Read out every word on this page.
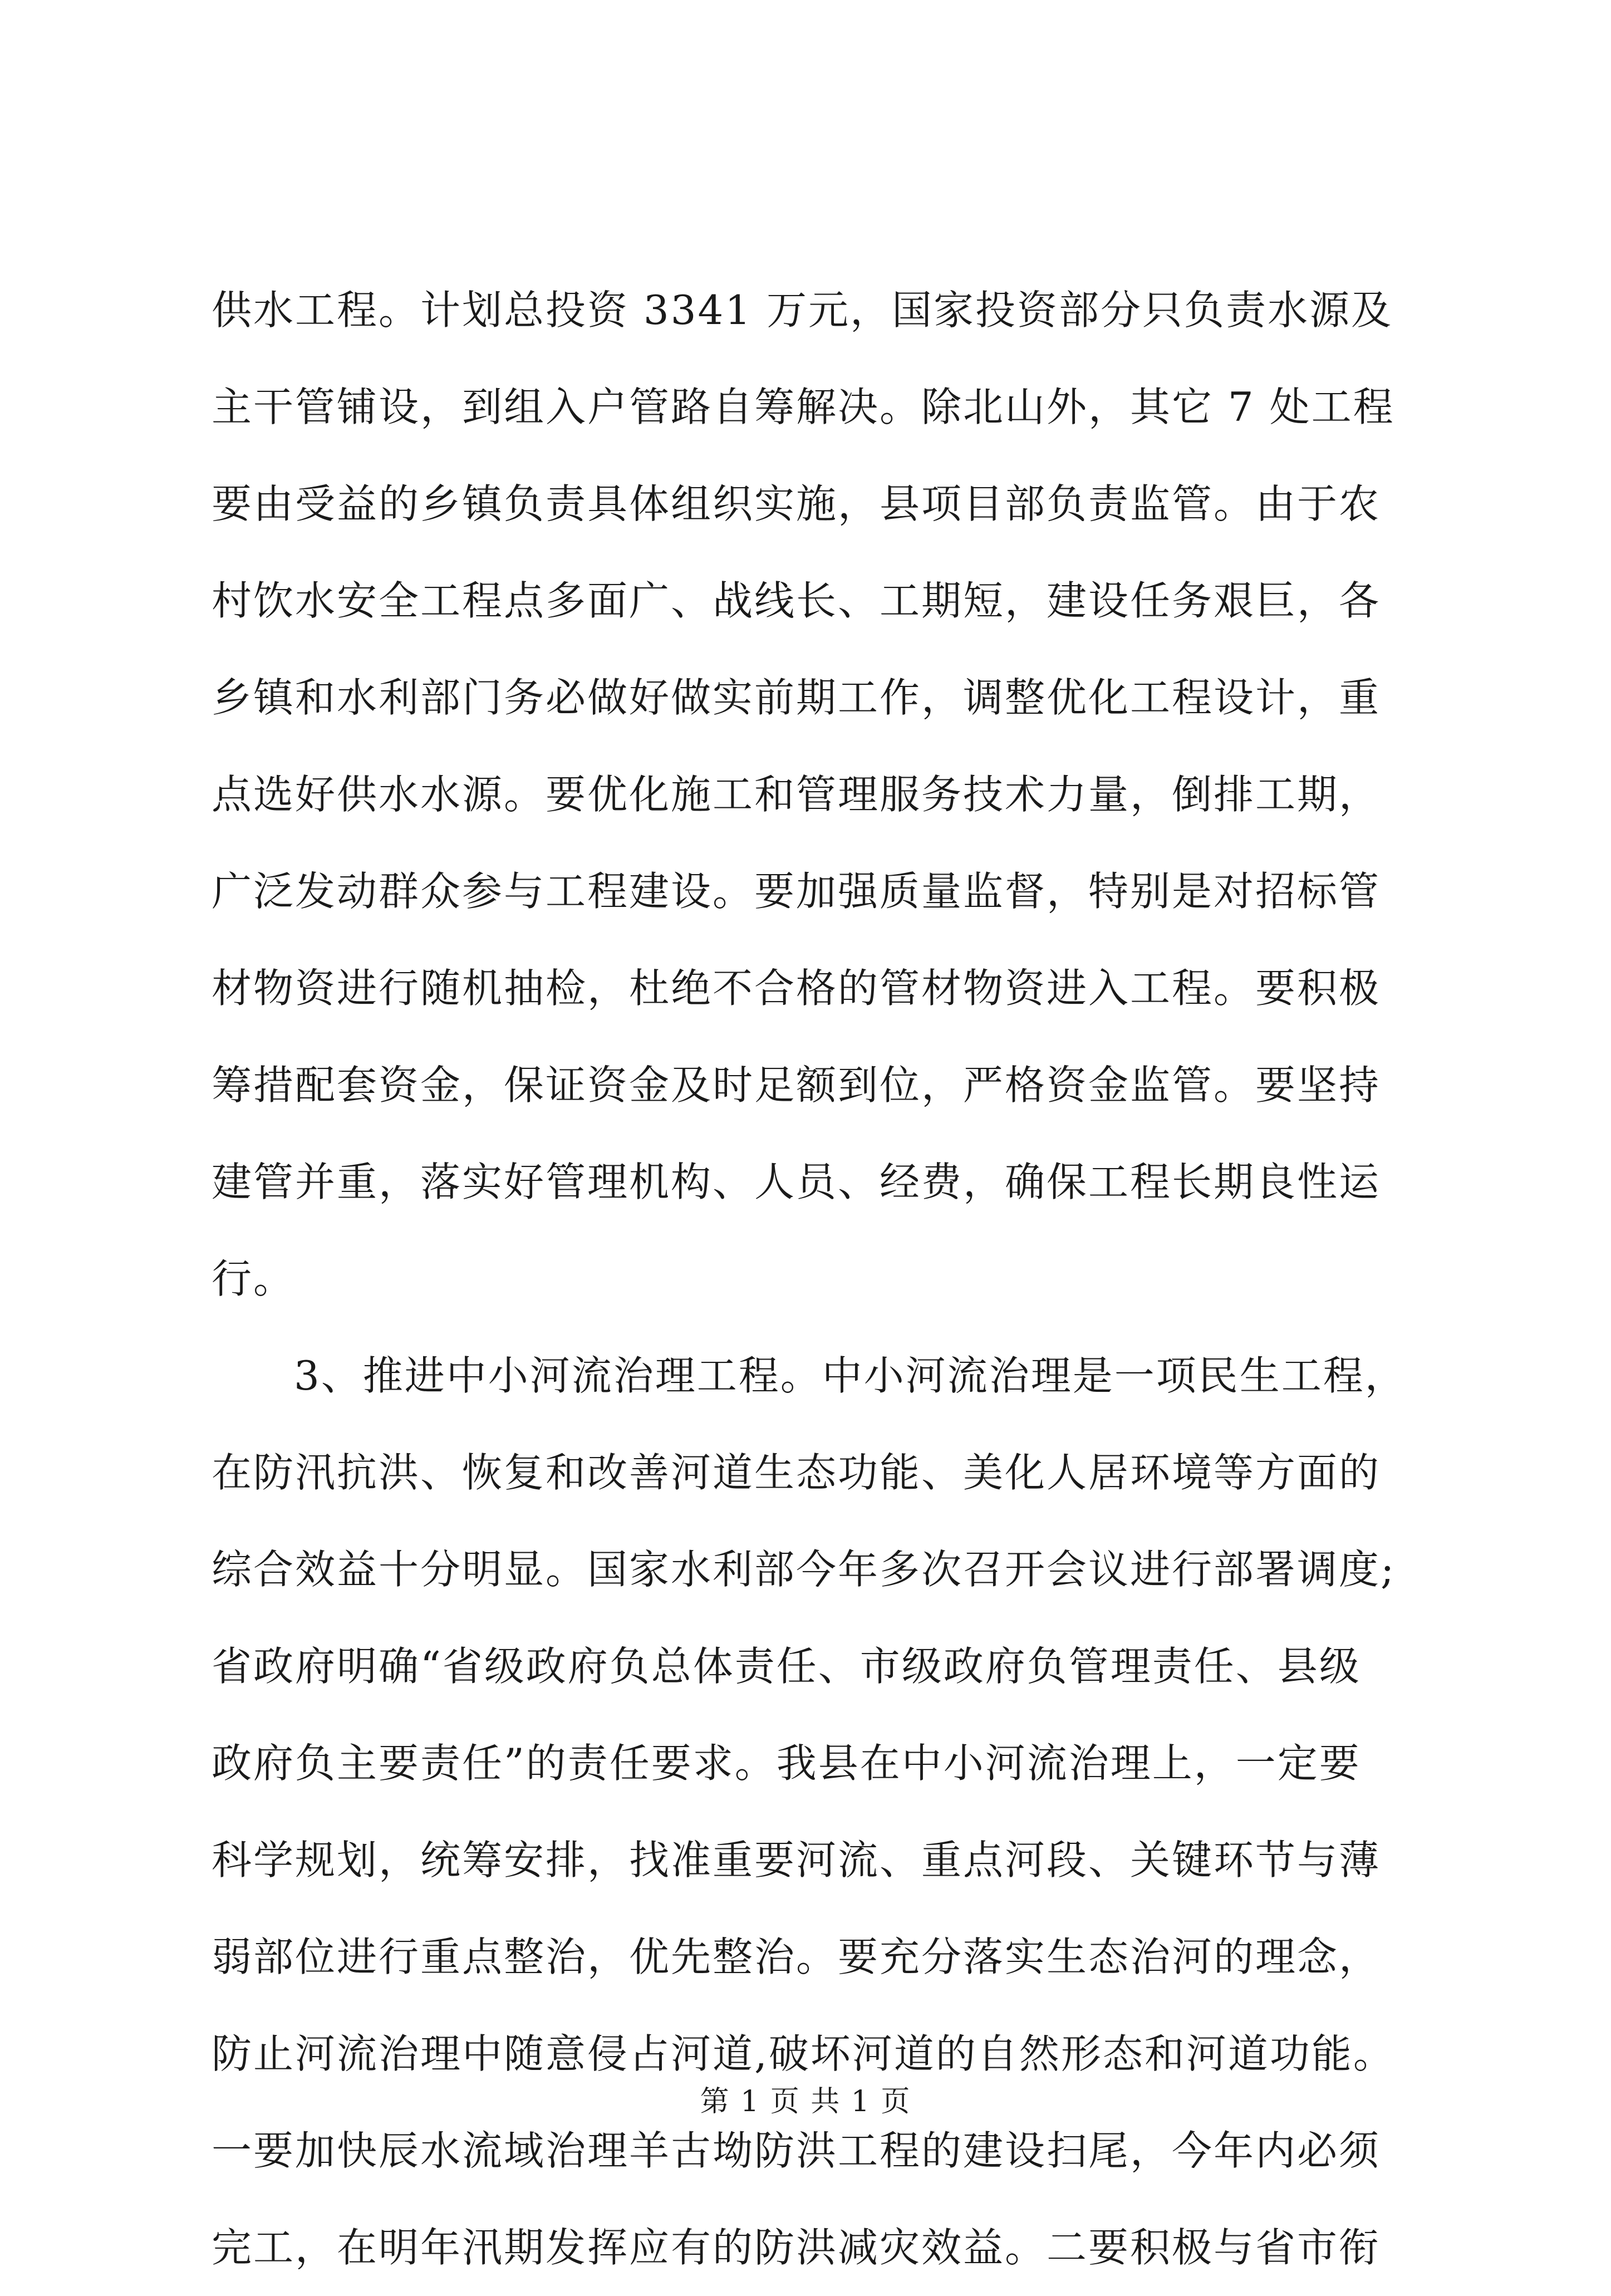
供水工程。计划总投资 3341 万元，国家投资部分只负责水源及
主干管铺设，到组入户管路自筹解决。除北山外，其它 7 处工程
要由受益的乡镇负责具体组织实施，县项目部负责监管。由于农
村饮水安全工程点多面广、战线长、工期短，建设任务艰巨，各
乡镇和水利部门务必做好做实前期工作，调整优化工程设计，重
点选好供水水源。要优化施工和管理服务技术力量，倒排工期，
广泛发动群众参与工程建设。要加强质量监督，特别是对招标管
材物资进行随机抽检，杜绝不合格的管材物资进入工程。要积极
筹措配套资金，保证资金及时足额到位，严格资金监管。要坚持
建管并重，落实好管理机构、人员、经费，确保工程长期良性运
行。
3、推进中小河流治理工程。中小河流治理是一项民生工程，
在防汛抗洪、恢复和改善河道生态功能、美化人居环境等方面的
综合效益十分明显。国家水利部今年多次召开会议进行部署调度;
省政府明确“省级政府负总体责任、市级政府负管理责任、县级
政府负主要责任”的责任要求。我县在中小河流治理上，一定要
科学规划，统筹安排，找准重要河流、重点河段、关键环节与薄
弱部位进行重点整治，优先整治。要充分落实生态治河的理念，
防止河流治理中随意侵占河道,破坏河道的自然形态和河道功能。
一要加快辰水流域治理羊古坳防洪工程的建设扫尾，今年内必须
完工，在明年汛期发挥应有的防洪减灾效益。二要积极与省市衔
第 1 页 共 1 页
